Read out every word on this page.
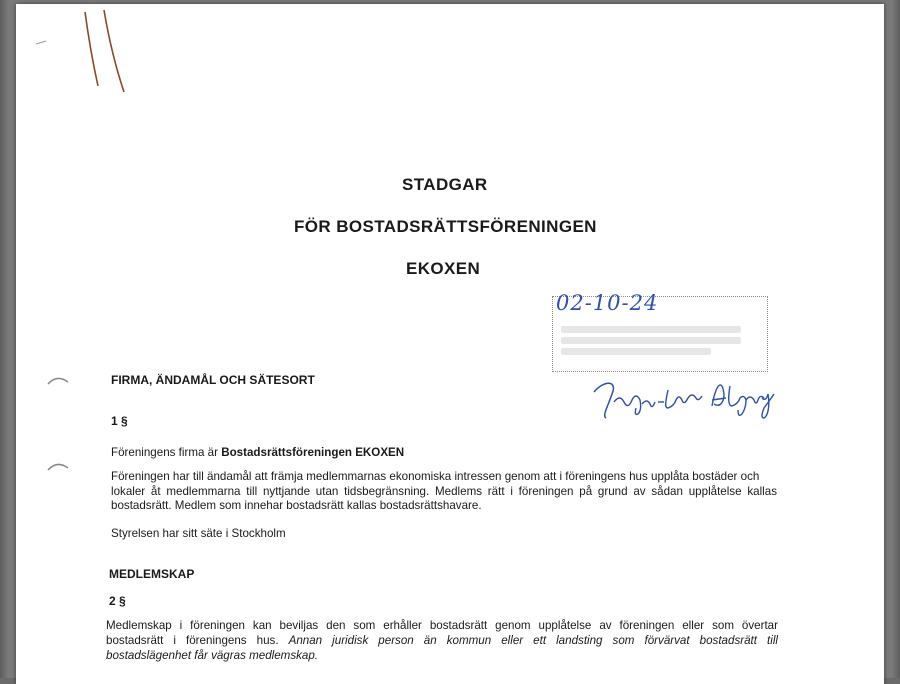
STADGAR
FÖR BOSTADSRÄTTSFÖRENINGEN
EKOXEN
02-10-24
FIRMA, ÄNDAMÅL OCH SÄTESORT
1 §
Föreningens firma är Bostadsrättsföreningen EKOXEN
Föreningen har till ändamål att främja medlemmarnas ekonomiska intressen genom att i föreningens hus upplåta bostäder och
lokaler åt medlemmarna till nyttjande utan tidsbegränsning. Medlems rätt i föreningen på grund av sådan upplåtelse kallas
bostadsrätt. Medlem som innehar bostadsrätt kallas bostadsrättshavare.
Styrelsen har sitt säte i Stockholm
MEDLEMSKAP
2 §
Medlemskap i föreningen kan beviljas den som erhåller bostadsrätt genom upplåtelse av föreningen eller som övertar
bostadsrätt i föreningens hus. Annan juridisk person än kommun eller ett landsting som förvärvat bostadsrätt till
bostadslägenhet får vägras medlemskap.
